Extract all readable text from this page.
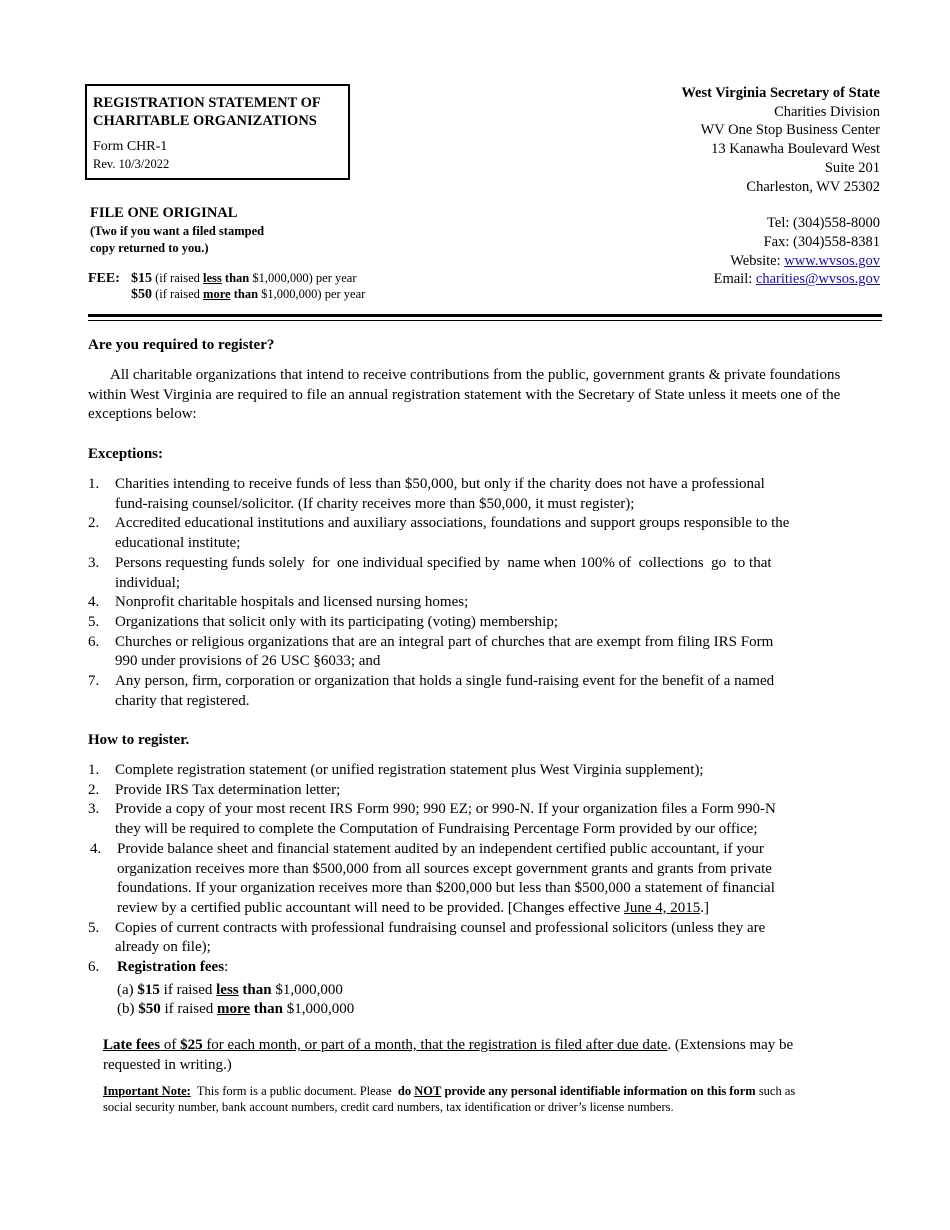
REGISTRATION STATEMENT OF
CHARITABLE ORGANIZATIONS
Form CHR-1
Rev. 10/3/2022
FILE ONE ORIGINAL
(Two if you want a filed stamped
copy returned to you.)
FEE: $15 (if raised less than $1,000,000) per year
$50 (if raised more than $1,000,000) per year
West Virginia Secretary of State
Charities Division
WV One Stop Business Center
13 Kanawha Boulevard West
Suite 201
Charleston, WV 25302
Tel: (304)558-8000
Fax: (304)558-8381
Website: www.wvsos.gov
Email: charities@wvsos.gov
Are you required to register?
All charitable organizations that intend to receive contributions from the public, government grants & private foundations within West Virginia are required to file an annual registration statement with the Secretary of State unless it meets one of the exceptions below:
Exceptions:
1. Charities intending to receive funds of less than $50,000, but only if the charity does not have a professional
fund-raising counsel/solicitor. (If charity receives more than $50,000, it must register);
2. Accredited educational institutions and auxiliary associations, foundations and support groups responsible to the
educational institute;
3. Persons requesting funds solely  for  one individual specified by  name when 100% of  collections  go  to that
individual;
4. Nonprofit charitable hospitals and licensed nursing homes;
5. Organizations that solicit only with its participating (voting) membership;
6. Churches or religious organizations that are an integral part of churches that are exempt from filing IRS Form
990 under provisions of 26 USC §6033; and
7. Any person, firm, corporation or organization that holds a single fund-raising event for the benefit of a named
charity that registered.
How to register.
1. Complete registration statement (or unified registration statement plus West Virginia supplement);
2. Provide IRS Tax determination letter;
3. Provide a copy of your most recent IRS Form 990; 990 EZ; or 990-N. If your organization files a Form 990-N
they will be required to complete the Computation of Fundraising Percentage Form provided by our office;
4. Provide balance sheet and financial statement audited by an independent certified public accountant, if your
organization receives more than $500,000 from all sources except government grants and grants from private
foundations. If your organization receives more than $200,000 but less than $500,000 a statement of financial
review by a certified public accountant will need to be provided. [Changes effective June 4, 2015.]
5. Copies of current contracts with professional fundraising counsel and professional solicitors (unless they are
already on file);
6. Registration fees:
(a) $15 if raised less than $1,000,000
(b) $50 if raised more than $1,000,000
Late fees of $25 for each month, or part of a month, that the registration is filed after due date. (Extensions may be
requested in writing.)
Important Note: This form is a public document. Please do NOT provide any personal identifiable information on this form such as
social security number, bank account numbers, credit card numbers, tax identification or driver’s license numbers.
